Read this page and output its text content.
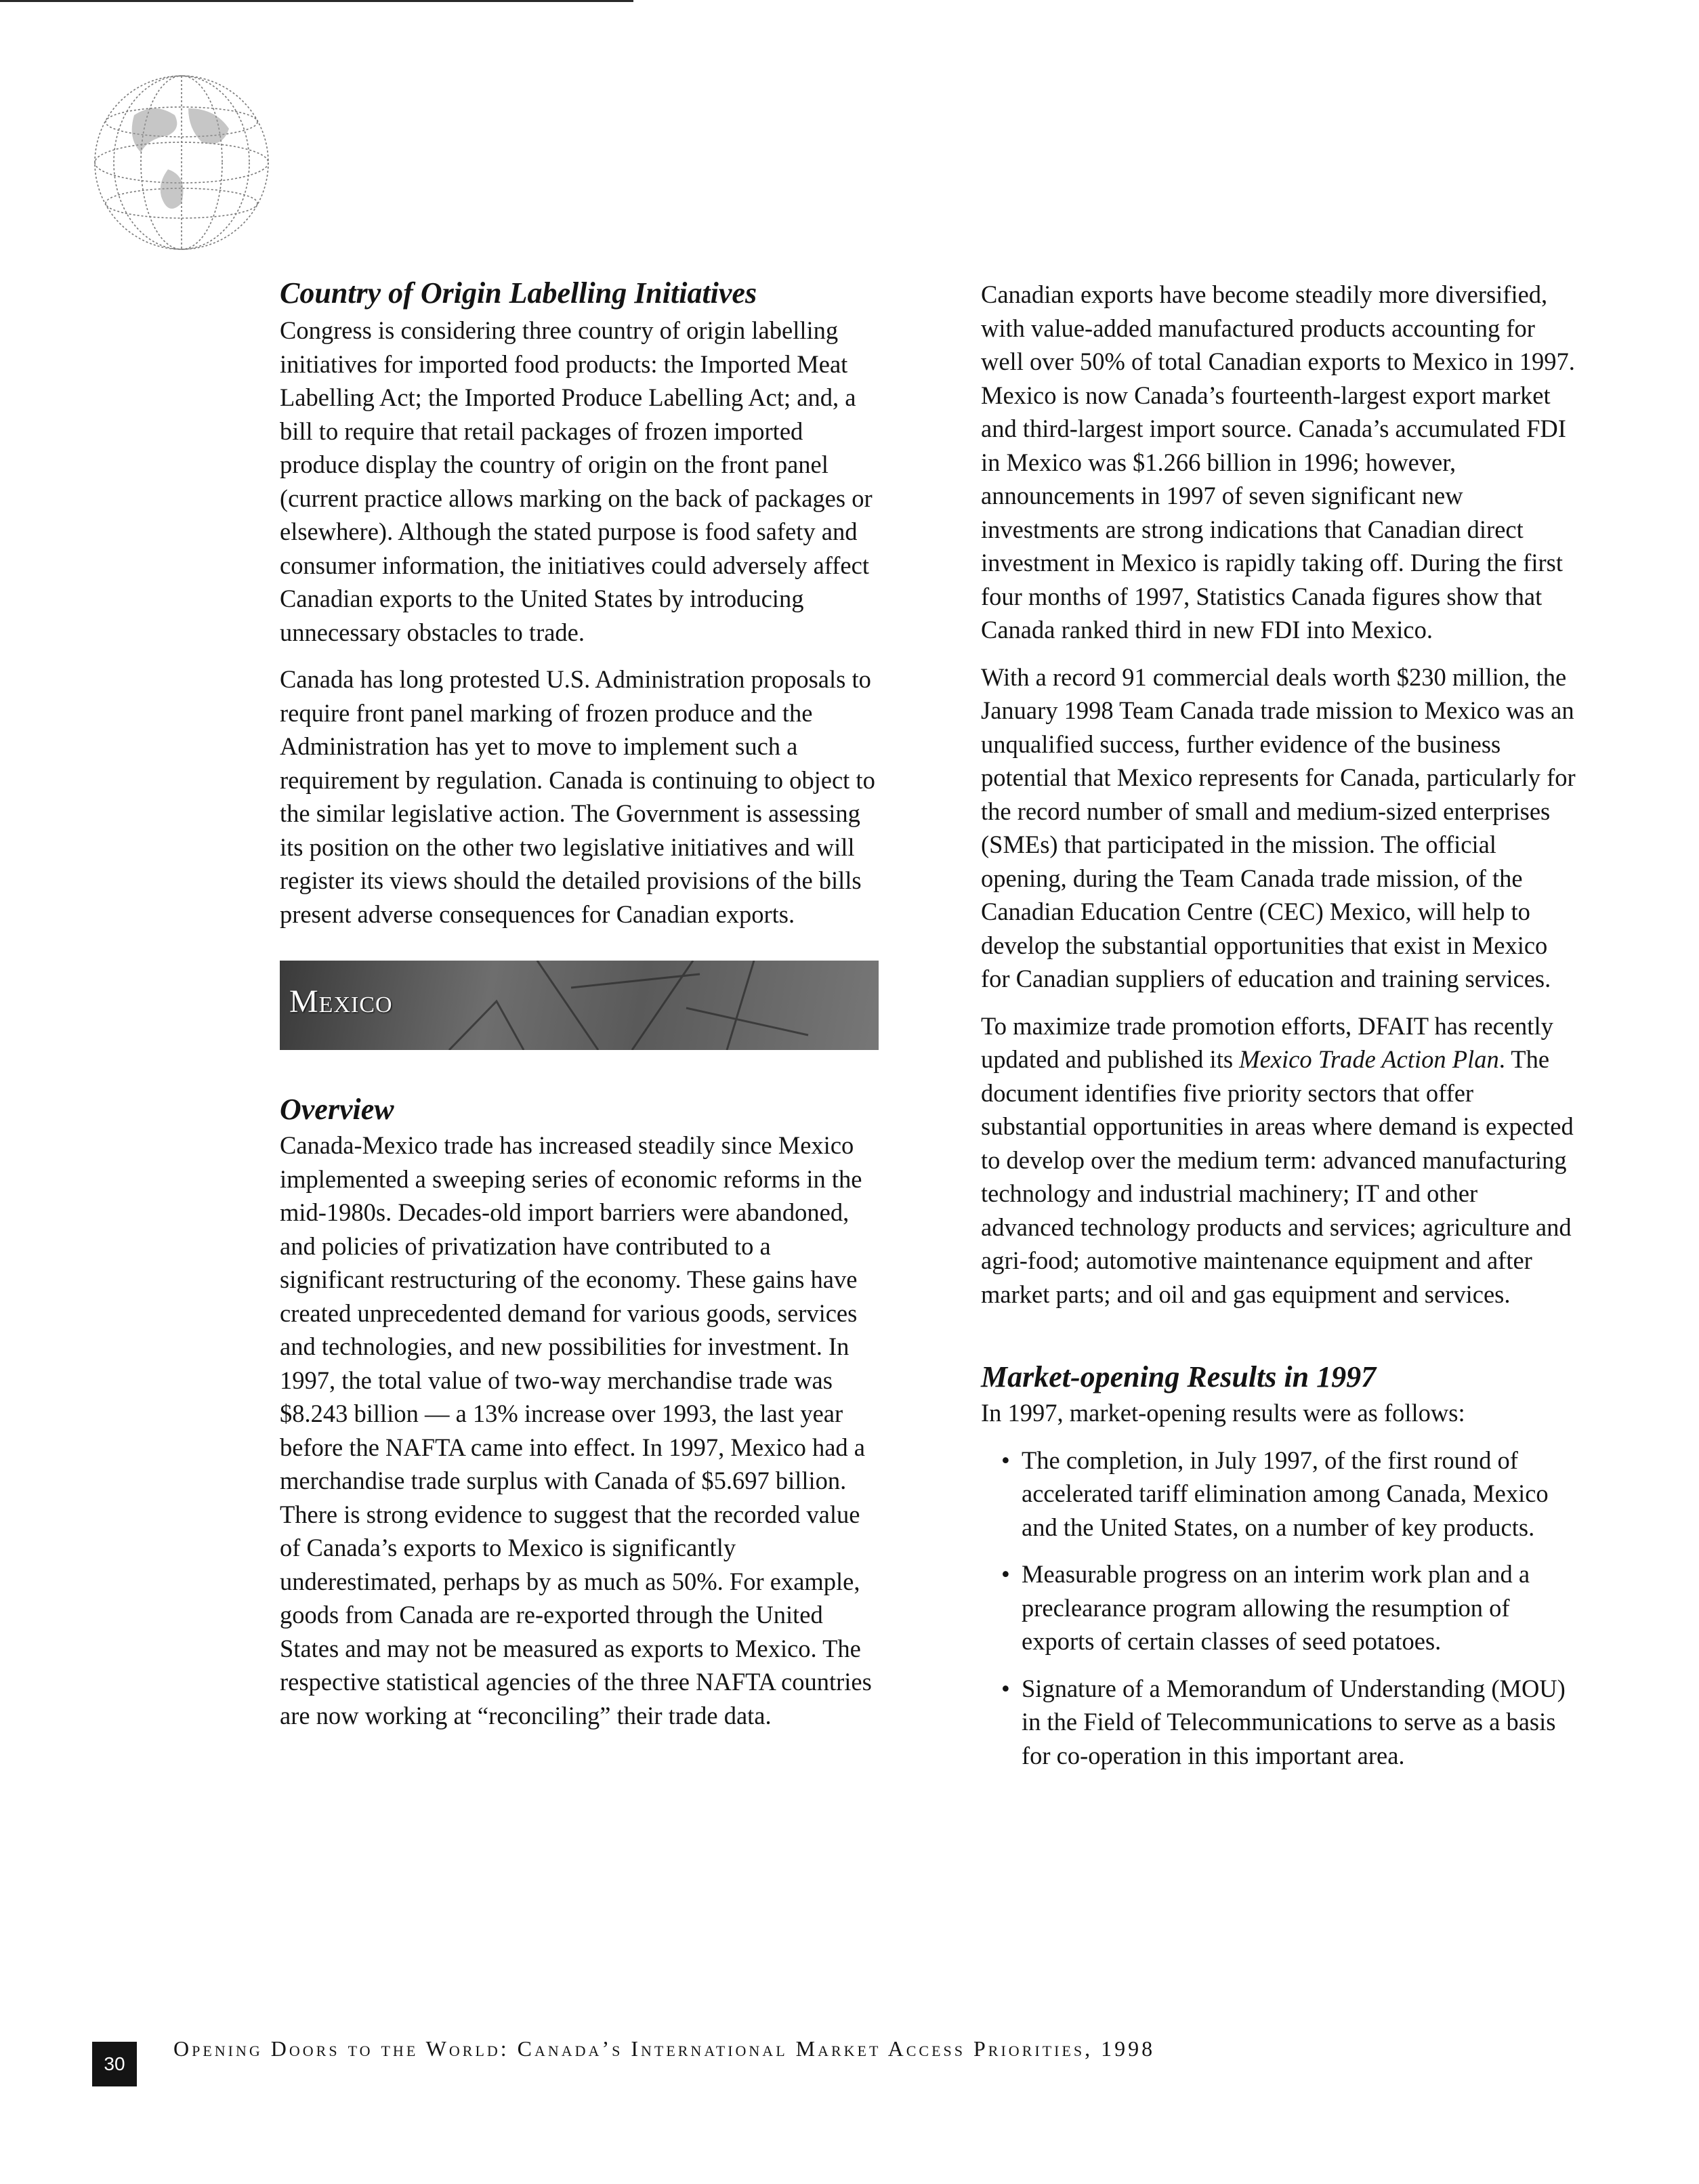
Country of Origin Labelling Initiatives

Congress is considering three country of origin labelling initiatives for imported food products: the Imported Meat Labelling Act; the Imported Produce Labelling Act; and, a bill to require that retail packages of frozen imported produce display the country of origin on the front panel (current practice allows marking on the back of packages or elsewhere). Although the stated purpose is food safety and consumer information, the initiatives could adversely affect Canadian exports to the United States by introducing unnecessary obstacles to trade.

Canada has long protested U.S. Administration proposals to require front panel marking of frozen produce and the Administration has yet to move to implement such a requirement by regulation. Canada is continuing to object to the similar legislative action. The Government is assessing its position on the other two legislative initiatives and will register its views should the detailed provisions of the bills present adverse consequences for Canadian exports.

Mexico
Overview

Canada-Mexico trade has increased steadily since Mexico implemented a sweeping series of economic reforms in the mid-1980s. Decades-old import barriers were abandoned, and policies of privatization have contributed to a significant restructuring of the economy. These gains have created unprecedented demand for various goods, services and technologies, and new possibilities for investment. In 1997, the total value of two-way merchandise trade was $8.243 billion — a 13% increase over 1993, the last year before the NAFTA came into effect. In 1997, Mexico had a merchandise trade surplus with Canada of $5.697 billion. There is strong evidence to suggest that the recorded value of Canada’s exports to Mexico is significantly underestimated, perhaps by as much as 50%. For example, goods from Canada are re-exported through the United States and may not be measured as exports to Mexico. The respective statistical agencies of the three NAFTA countries are now working at “reconciling” their trade data.

Canadian exports have become steadily more diversified, with value-added manufactured products accounting for well over 50% of total Canadian exports to Mexico in 1997. Mexico is now Canada’s fourteenth-largest export market and third-largest import source. Canada’s accumulated FDI in Mexico was $1.266 billion in 1996; however, announcements in 1997 of seven significant new investments are strong indications that Canadian direct investment in Mexico is rapidly taking off. During the first four months of 1997, Statistics Canada figures show that Canada ranked third in new FDI into Mexico.

With a record 91 commercial deals worth $230 million, the January 1998 Team Canada trade mission to Mexico was an unqualified success, further evidence of the business potential that Mexico represents for Canada, particularly for the record number of small and medium-sized enterprises (SMEs) that participated in the mission. The official opening, during the Team Canada trade mission, of the Canadian Education Centre (CEC) Mexico, will help to develop the substantial opportunities that exist in Mexico for Canadian suppliers of education and training services.

To maximize trade promotion efforts, DFAIT has recently updated and published its Mexico Trade Action Plan. The document identifies five priority sectors that offer substantial opportunities in areas where demand is expected to develop over the medium term: advanced manufacturing technology and industrial machinery; IT and other advanced technology products and services; agriculture and agri-food; automotive maintenance equipment and after market parts; and oil and gas equipment and services.

Market-opening Results in 1997

In 1997, market-opening results were as follows:

• The completion, in July 1997, of the first round of accelerated tariff elimination among Canada, Mexico and the United States, on a number of key products.
• Measurable progress on an interim work plan and a preclearance program allowing the resumption of exports of certain classes of seed potatoes.
• Signature of a Memorandum of Understanding (MOU) in the Field of Telecommunications to serve as a basis for co-operation in this important area.
30
Opening Doors to the World: Canada’s International Market Access Priorities, 1998
